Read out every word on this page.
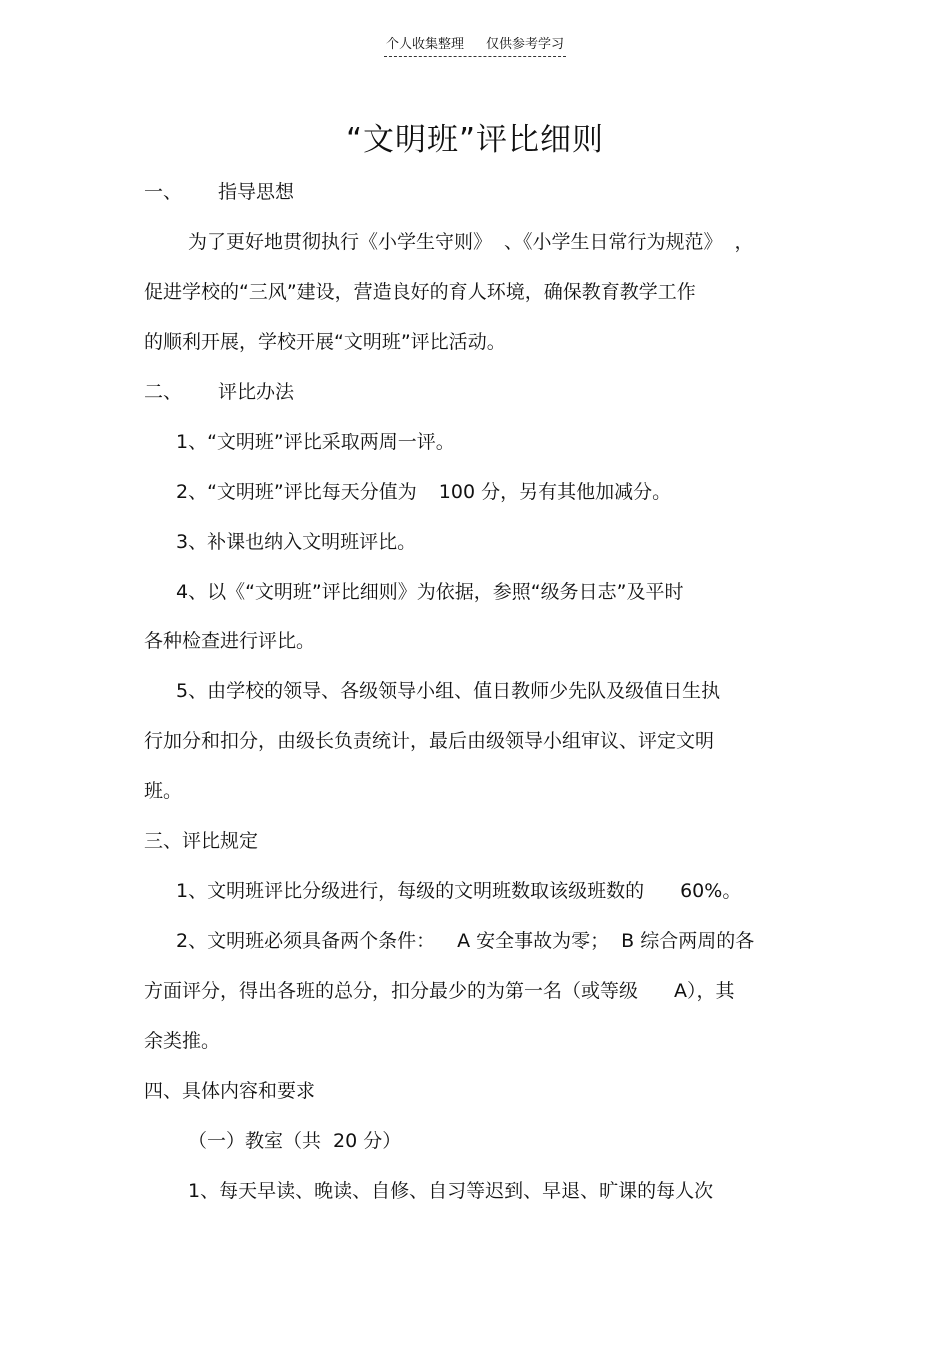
个人收集整理 仅供参考学习
“文明班”评比细则
一、 指导思想
为了更好地贯彻执行《小学生守则》 、《小学生日常行为规范》 ，
促进学校的“三风”建设，营造良好的育人环境，确保教育教学工作
的顺利开展，学校开展“文明班”评比活动。
二、 评比办法
1、“文明班”评比采取两周一评。
2、“文明班”评比每天分值为 100 分，另有其他加减分。
3、补课也纳入文明班评比。
4、以《“文明班”评比细则》为依据，参照“级务日志”及平时
各种检查进行评比。
5、由学校的领导、各级领导小组、值日教师少先队及级值日生执
行加分和扣分，由级长负责统计，最后由级领导小组审议、评定文明
班。
三、评比规定
1、文明班评比分级进行，每级的文明班数取该级班数的 60%。
2、文明班必须具备两个条件： A 安全事故为零； B 综合两周的各
方面评分，得出各班的总分，扣分最少的为第一名（或等级 A），其
余类推。
四、具体内容和要求
（一）教室（共 20 分）
1、每天早读、晚读、自修、自习等迟到、早退、旷课的每人次
